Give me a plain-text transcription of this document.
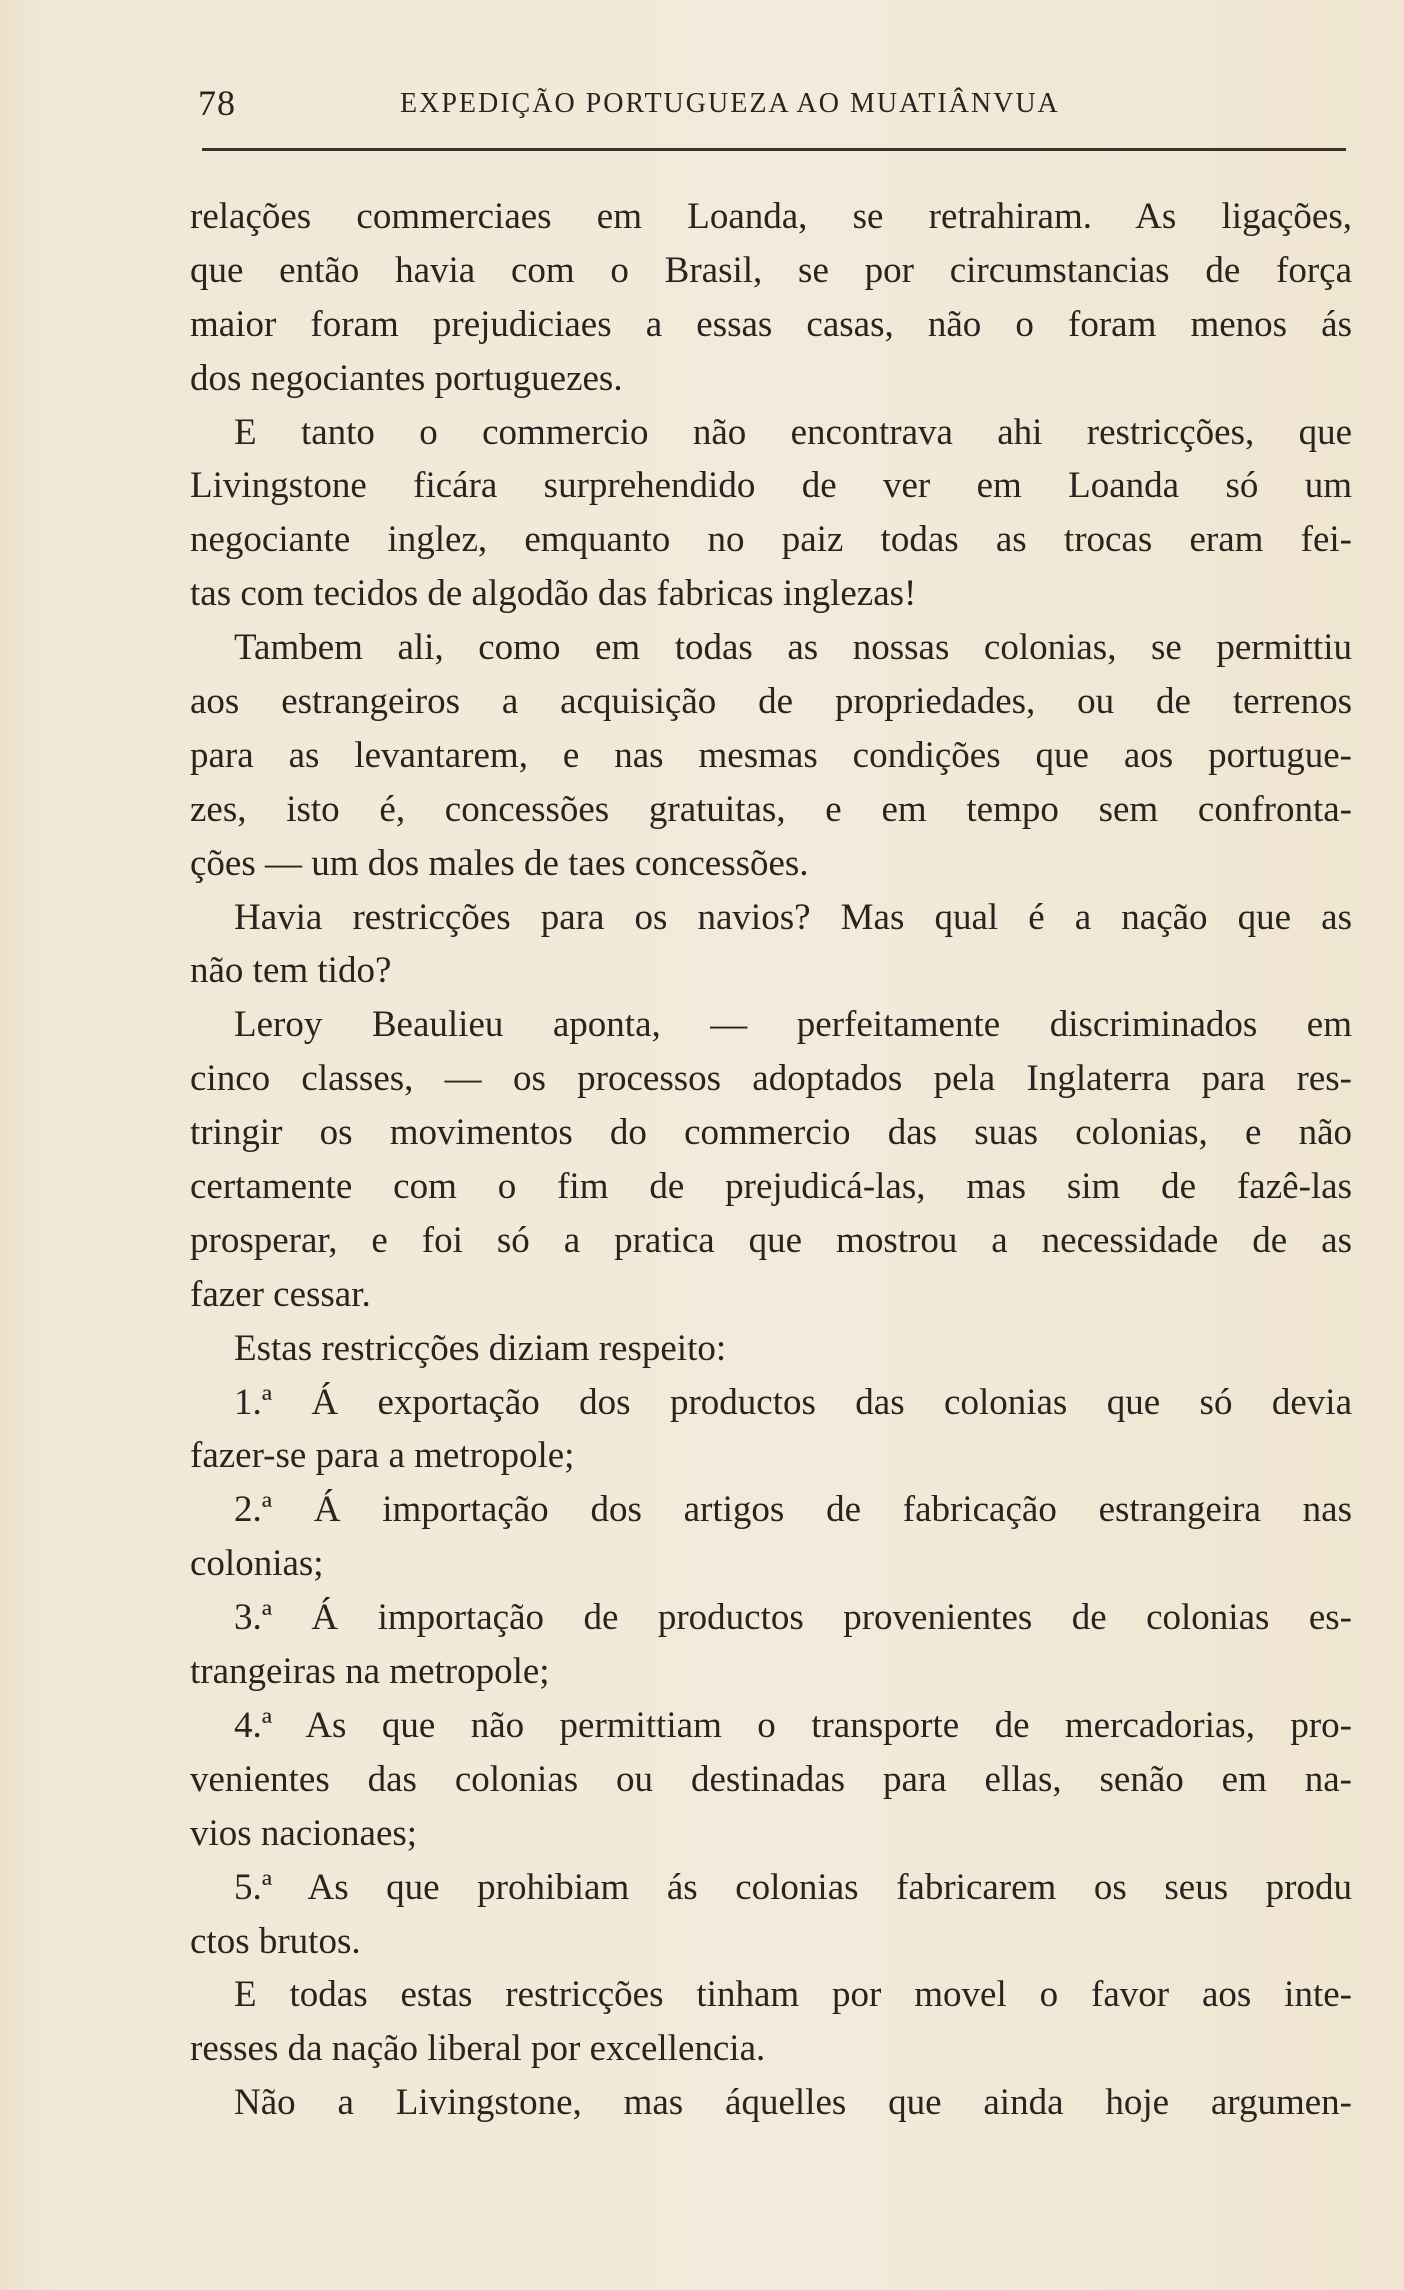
78	EXPEDIÇÃO PORTUGUEZA AO MUATIÂNVUA
relações commerciaes em Loanda, se retrahiram. As ligações,
que então havia com o Brasil, se por circumstancias de força
maior foram prejudiciaes a essas casas, não o foram menos ás
dos negociantes portuguezes.
E tanto o commercio não encontrava ahi restricções, que
Livingstone ficára surprehendido de ver em Loanda só um
negociante inglez, emquanto no paiz todas as trocas eram fei-
tas com tecidos de algodão das fabricas inglezas!
Tambem ali, como em todas as nossas colonias, se permittiu
aos estrangeiros a acquisição de propriedades, ou de terrenos
para as levantarem, e nas mesmas condições que aos portugue-
zes, isto é, concessões gratuitas, e em tempo sem confronta-
ções — um dos males de taes concessões.
Havia restricções para os navios? Mas qual é a nação que as
não tem tido?
Leroy Beaulieu aponta, — perfeitamente discriminados em
cinco classes, — os processos adoptados pela Inglaterra para res-
tringir os movimentos do commercio das suas colonias, e não
certamente com o fim de prejudicá-las, mas sim de fazê-las
prosperar, e foi só a pratica que mostrou a necessidade de as
fazer cessar.
Estas restricções diziam respeito:
1.ª Á exportação dos productos das colonias que só devia
fazer-se para a metropole;
2.ª Á importação dos artigos de fabricação estrangeira nas
colonias;
3.ª Á importação de productos provenientes de colonias es-
trangeiras na metropole;
4.ª As que não permittiam o transporte de mercadorias, pro-
venientes das colonias ou destinadas para ellas, senão em na-
vios nacionaes;
5.ª As que prohibiam ás colonias fabricarem os seus produ
ctos brutos.
E todas estas restricções tinham por movel o favor aos inte-
resses da nação liberal por excellencia.
Não a Livingstone, mas áquelles que ainda hoje argumen-
